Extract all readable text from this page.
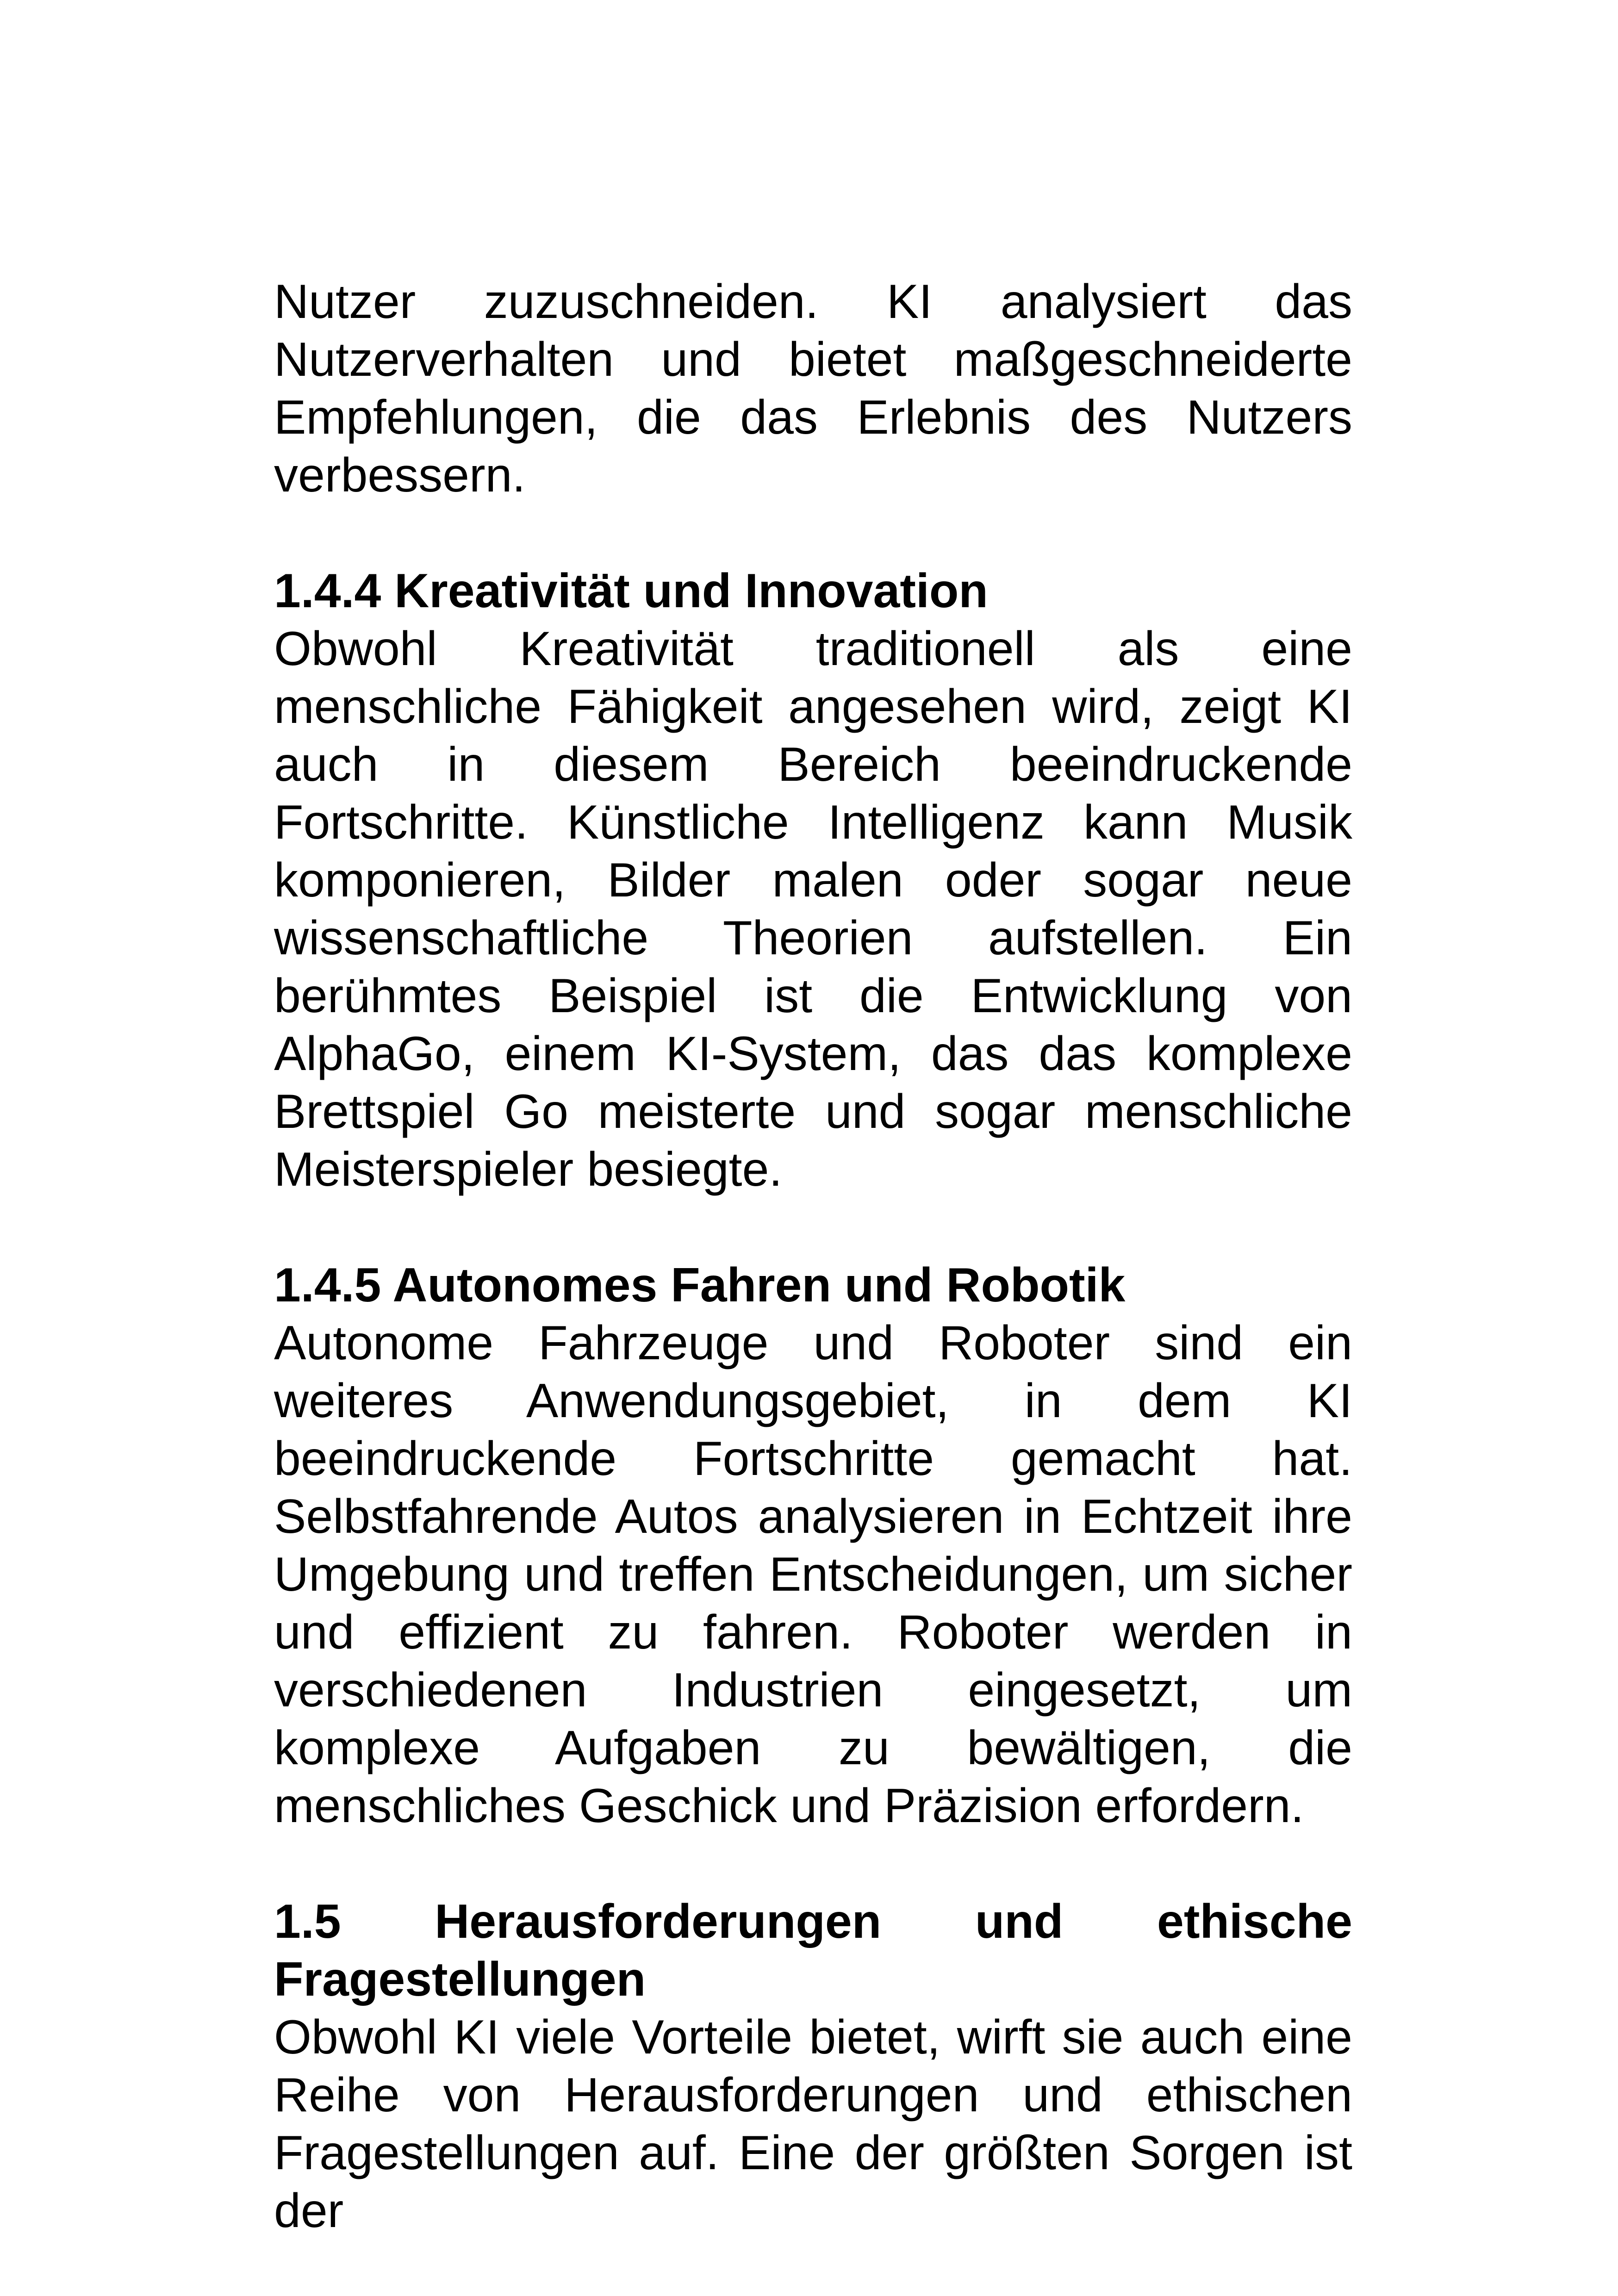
Nutzer zuzuschneiden. KI analysiert das Nutzerverhalten und bietet maßgeschneiderte Empfehlungen, die das Erlebnis des Nutzers verbessern.

1.4.4 Kreativität und Innovation

Obwohl Kreativität traditionell als eine menschliche Fähigkeit angesehen wird, zeigt KI auch in diesem Bereich beeindruckende Fortschritte. Künstliche Intelligenz kann Musik komponieren, Bilder malen oder sogar neue wissenschaftliche Theorien aufstellen. Ein berühmtes Beispiel ist die Entwicklung von AlphaGo, einem KI-System, das das komplexe Brettspiel Go meisterte und sogar menschliche Meisterspieler besiegte.

1.4.5 Autonomes Fahren und Robotik

Autonome Fahrzeuge und Roboter sind ein weiteres Anwendungsgebiet, in dem KI beeindruckende Fortschritte gemacht hat. Selbstfahrende Autos analysieren in Echtzeit ihre Umgebung und treffen Entscheidungen, um sicher und effizient zu fahren. Roboter werden in verschiedenen Industrien eingesetzt, um komplexe Aufgaben zu bewältigen, die menschliches Geschick und Präzision erfordern.

1.5 Herausforderungen und ethische Fragestellungen

Obwohl KI viele Vorteile bietet, wirft sie auch eine Reihe von Herausforderungen und ethischen Fragestellungen auf. Eine der größten Sorgen ist der
